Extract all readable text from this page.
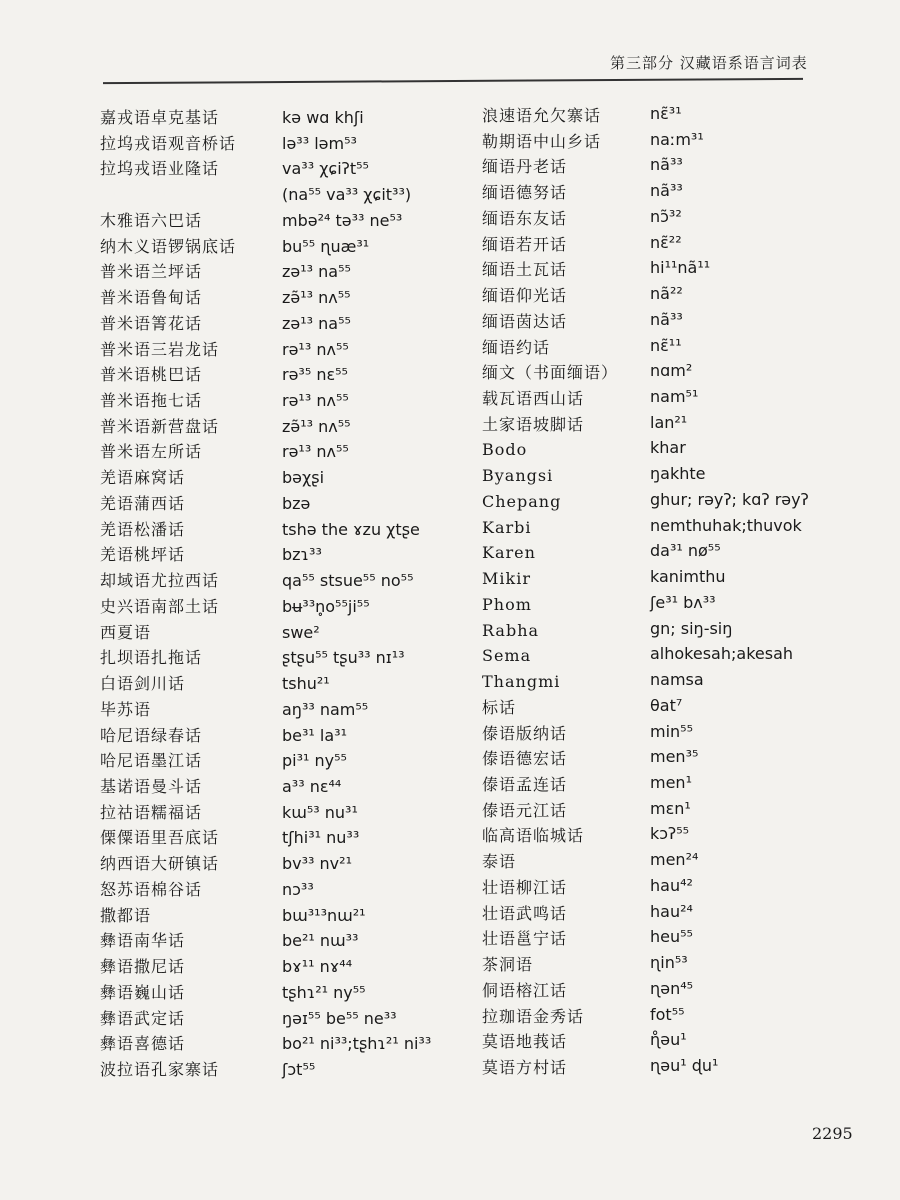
第三部分 汉藏语系语言词表
嘉戎语卓克基话
拉坞戎语观音桥话
拉坞戎语业隆话
木雅语六巴话
纳木义语锣锅底话
普米语兰坪话
普米语鲁甸话
普米语箐花话
普米语三岩龙话
普米语桃巴话
普米语拖七话
普米语新营盘话
普米语左所话
羌语麻窝话
羌语蒲西话
羌语松潘话
羌语桃坪话
却域语尤拉西话
史兴语南部土话
西夏语
扎坝语扎拖话
白语剑川话
毕苏语
哈尼语绿春话
哈尼语墨江话
基诺语曼斗话
拉祜语糯福话
傈僳语里吾底话
纳西语大研镇话
怒苏语棉谷话
撒都语
彝语南华话
彝语撒尼话
彝语巍山话
彝语武定话
彝语喜德话
波拉语孔家寨话
kə wɑ khʃi
lə³³ ləm⁵³
va³³ χɕiʔt⁵⁵
(na⁵⁵ va³³ χɕit³³)
mbə²⁴ tə³³ ne⁵³
bu⁵⁵ ɳuæ³¹
zə¹³ na⁵⁵
zə̃¹³ nʌ⁵⁵
zə¹³ na⁵⁵
rə¹³ nʌ⁵⁵
rə³⁵ nɛ⁵⁵
rə¹³ nʌ⁵⁵
zə̃¹³ nʌ⁵⁵
rə¹³ nʌ⁵⁵
bəχʂi
bzə
tshə the ɤzu χtʂe
bzɿ³³
qa⁵⁵ stsue⁵⁵ no⁵⁵
bʉ³³n̥o⁵⁵ji⁵⁵
swe²
ʂtʂu⁵⁵ tʂu³³ nɪ¹³
tshu²¹
aŋ³³ nam⁵⁵
be³¹ la³¹
pi³¹ ny⁵⁵
a³³ nɛ⁴⁴
kɯ⁵³ nu³¹
tʃhi³¹ nu³³
bv³³ nv²¹
nɔ³³
bɯ³¹³nɯ²¹
be²¹ nɯ³³
bɤ¹¹ nɤ⁴⁴
tʂhɿ²¹ ny⁵⁵
ŋəɪ⁵⁵ be⁵⁵ ne³³
bo²¹ ni³³;tʂhɿ²¹ ni³³
ʃɔt⁵⁵
浪速语允欠寨话
勒期语中山乡话
缅语丹老话
缅语德努话
缅语东友话
缅语若开话
缅语土瓦话
缅语仰光话
缅语茵达话
缅语约话
缅文（书面缅语）
载瓦语西山话
土家语坡脚话
Bodo
Byangsi
Chepang
Karbi
Karen
Mikir
Phom
Rabha
Sema
Thangmi
标话
傣语版纳话
傣语德宏话
傣语孟连话
傣语元江话
临高语临城话
泰语
壮语柳江话
壮语武鸣话
壮语邕宁话
茶洞语
侗语榕江话
拉珈语金秀话
莫语地莪话
莫语方村话
nɛ̃³¹
naːm³¹
nã³³
nã³³
nɔ̃³²
nɛ̃²²
hi¹¹nã¹¹
nã²²
nã³³
nɛ̃¹¹
nɑm²
nam⁵¹
lan²¹
khar
ŋakhte
ghur; rəyʔ; kɑʔ rəyʔ
nemthuhak;thuvok
da³¹ nø⁵⁵
kanimthu
ʃe³¹ bʌ³³
gn; siŋ-siŋ
alhokesah;akesah
namsa
θat⁷
min⁵⁵
men³⁵
men¹
mɛn¹
kɔʔ⁵⁵
men²⁴
hau⁴²
hau²⁴
heu⁵⁵
ɳin⁵³
ɳən⁴⁵
fot⁵⁵
ɳ̊əu¹
ɳəu¹ ɖu¹
2295
